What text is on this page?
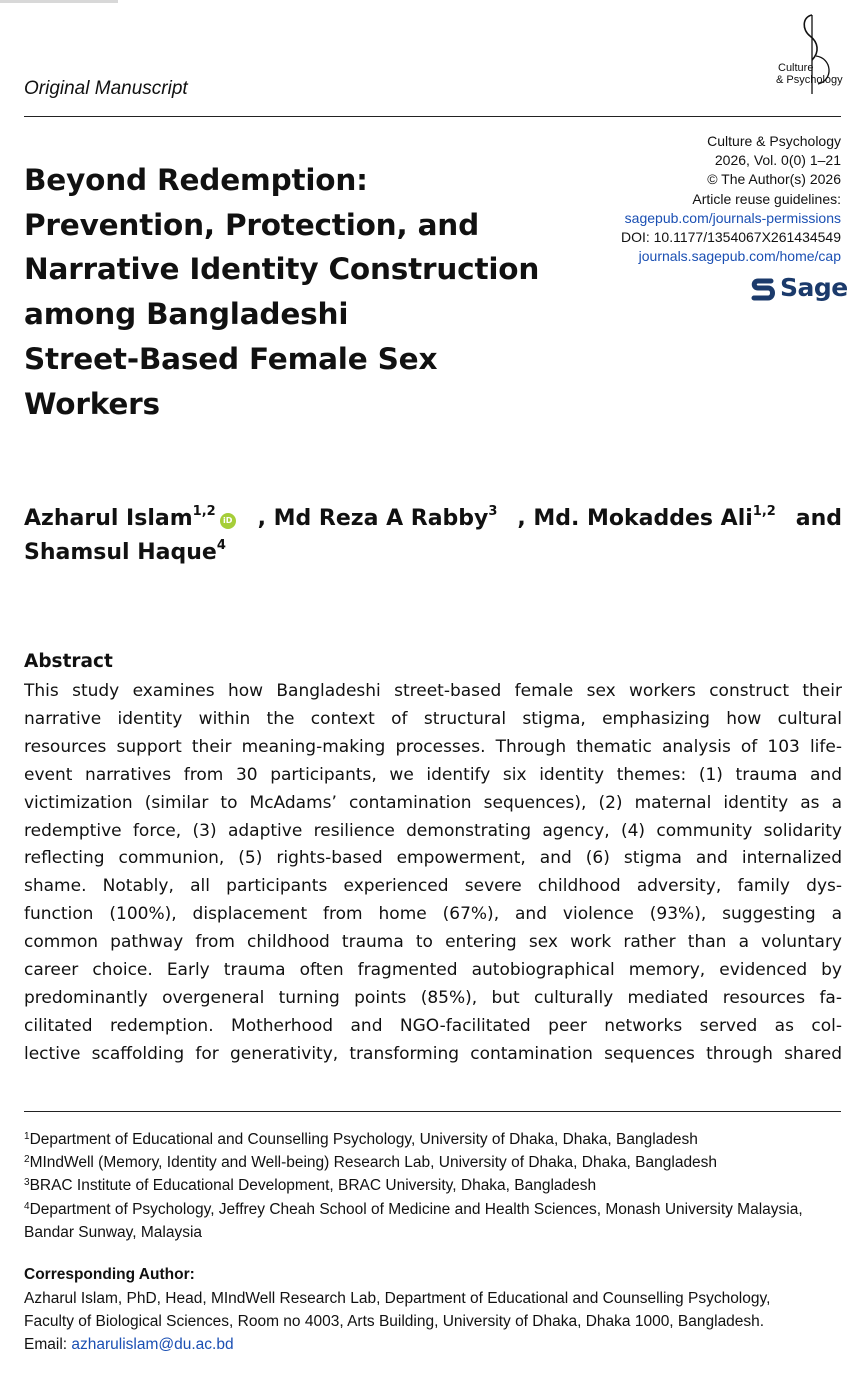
Original Manuscript
Culture
& Psychology
Beyond Redemption:
Prevention, Protection, and
Narrative Identity Construction
among Bangladeshi
Street-Based Female Sex
Workers
Culture & Psychology
2026, Vol. 0(0) 1–21
© The Author(s) 2026
Article reuse guidelines:
sagepub.com/journals-permissions
DOI: 10.1177/1354067X261434549
journals.sagepub.com/home/cap
Sage
Azharul Islam$^{1,2}$iD , Md Reza A Rabby$^3$ , Md. Mokaddes Ali$^{1,2}$ and
Shamsul Haque$^4$
Abstract
This study examines how Bangladeshi street-based female sex workers construct their
narrative identity within the context of structural stigma, emphasizing how cultural
resources support their meaning-making processes. Through thematic analysis of 103 life-
event narratives from 30 participants, we identify six identity themes: (1) trauma and
victimization (similar to McAdams’ contamination sequences), (2) maternal identity as a
redemptive force, (3) adaptive resilience demonstrating agency, (4) community solidarity
reflecting communion, (5) rights-based empowerment, and (6) stigma and internalized
shame. Notably, all participants experienced severe childhood adversity, family dys-
function (100%), displacement from home (67%), and violence (93%), suggesting a
common pathway from childhood trauma to entering sex work rather than a voluntary
career choice. Early trauma often fragmented autobiographical memory, evidenced by
predominantly overgeneral turning points (85%), but culturally mediated resources fa-
cilitated redemption. Motherhood and NGO-facilitated peer networks served as col-
lective scaffolding for generativity, transforming contamination sequences through shared
$^1$Department of Educational and Counselling Psychology, University of Dhaka, Dhaka, Bangladesh
$^2$MIndWell (Memory, Identity and Well-being) Research Lab, University of Dhaka, Dhaka, Bangladesh
$^3$BRAC Institute of Educational Development, BRAC University, Dhaka, Bangladesh
$^4$Department of Psychology, Jeffrey Cheah School of Medicine and Health Sciences, Monash University Malaysia,
Bandar Sunway, Malaysia
Corresponding Author:
Azharul Islam, PhD, Head, MIndWell Research Lab, Department of Educational and Counselling Psychology,
Faculty of Biological Sciences, Room no 4003, Arts Building, University of Dhaka, Dhaka 1000, Bangladesh.
Email: azharulislam@du.ac.bd
